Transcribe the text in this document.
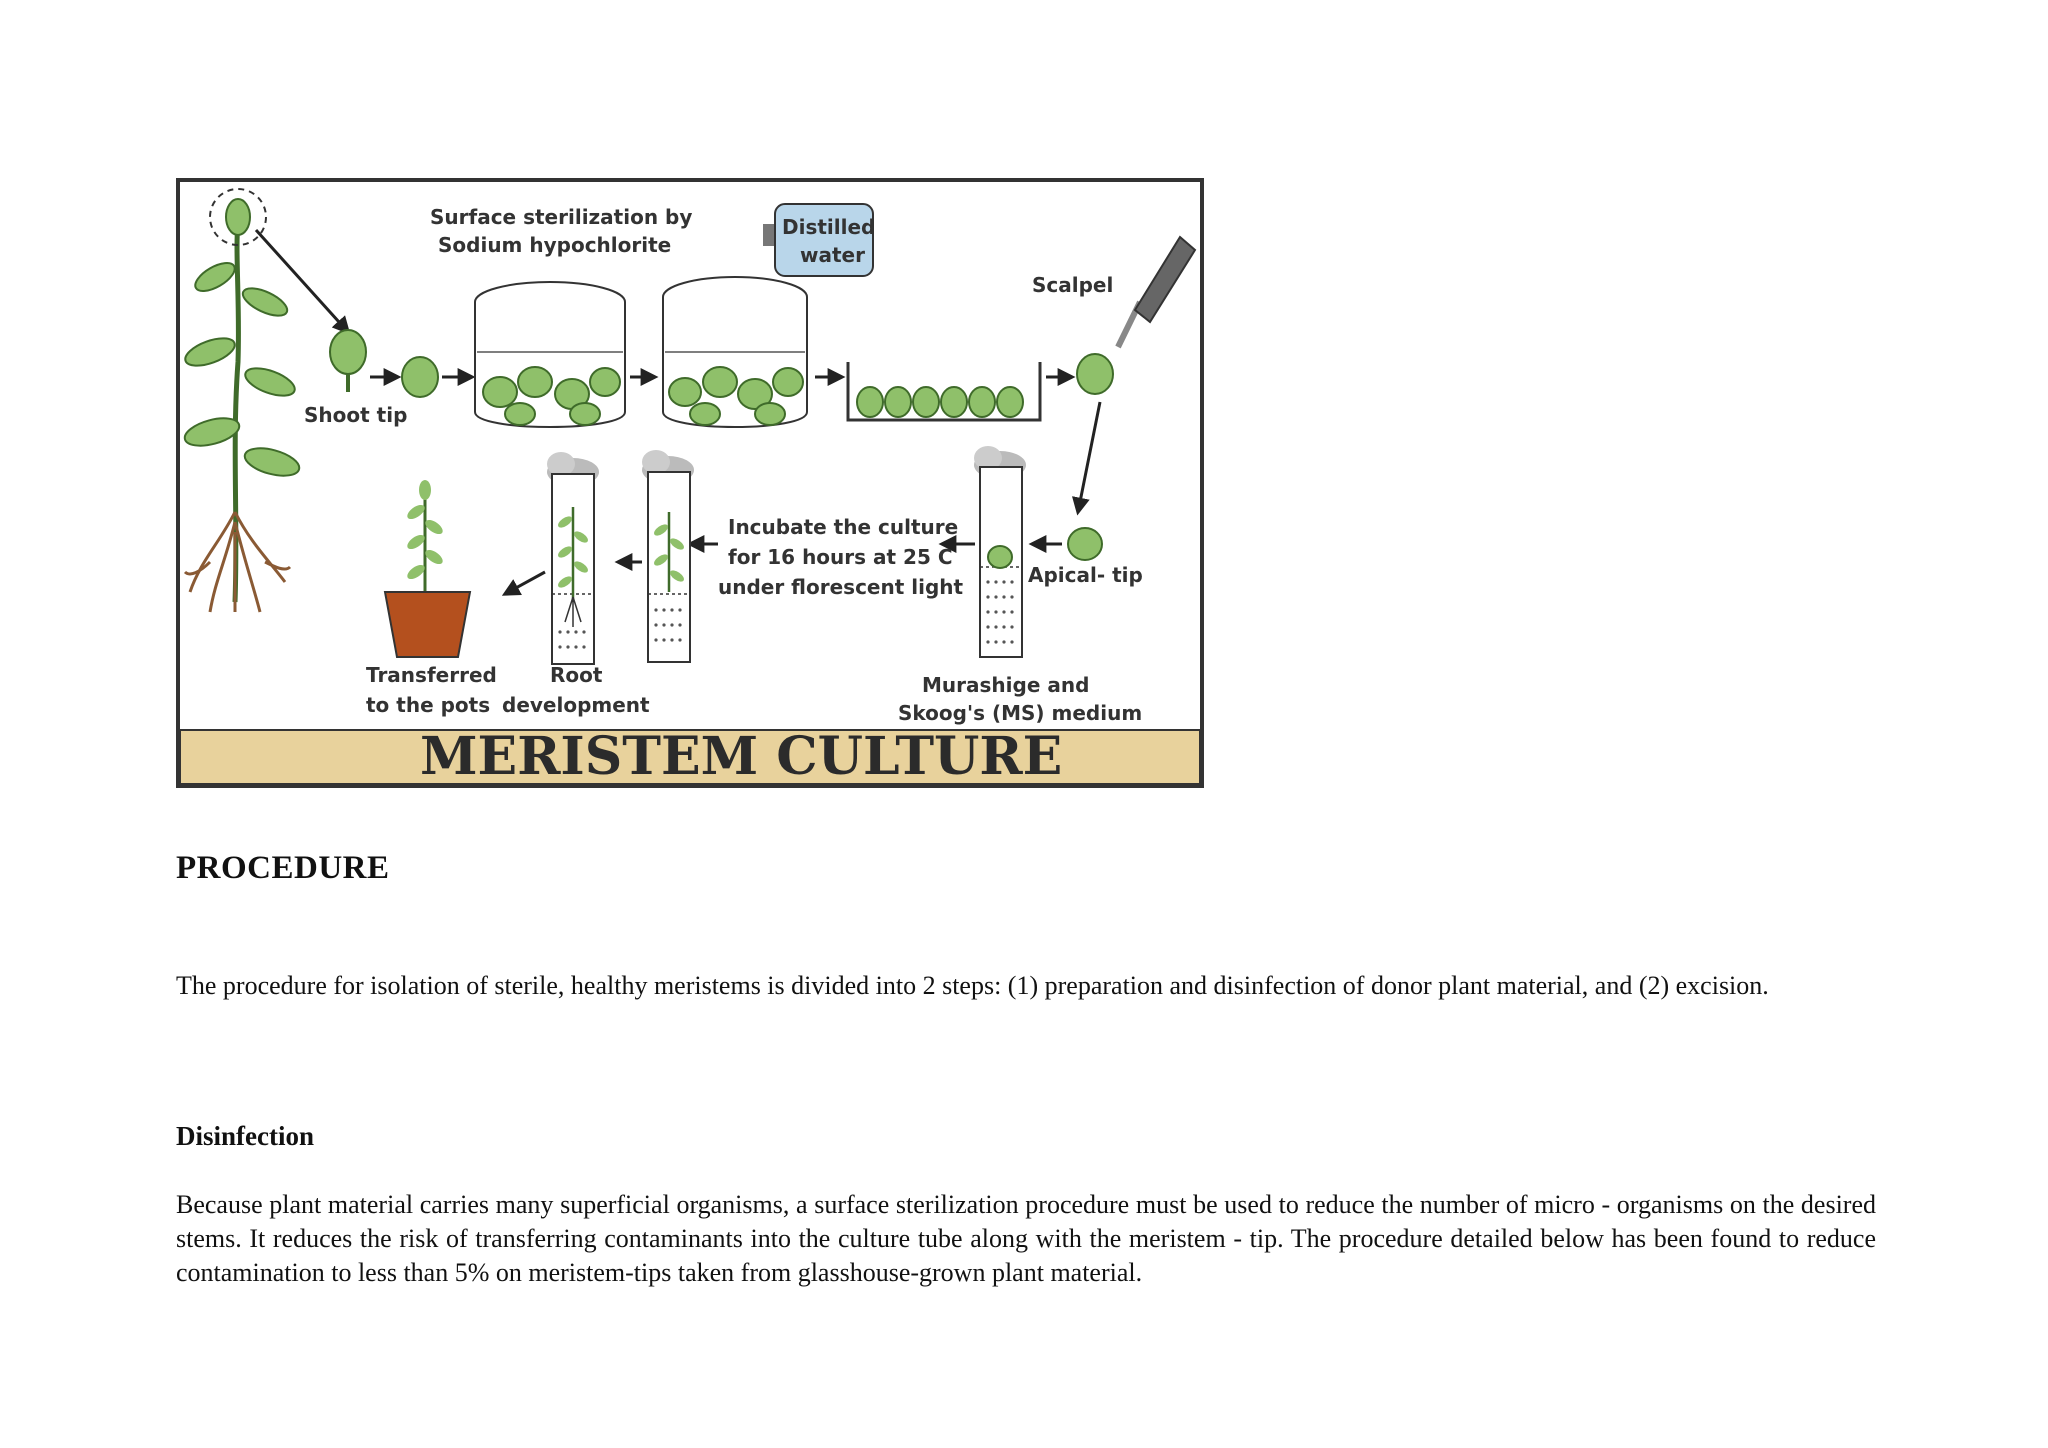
Shoot tip
Surface sterilization by
Sodium hypochlorite
Distilled
water
Scalpel
Apical- tip
Murashige and
Skoog's (MS) medium
Incubate the culture
for 16 hours at 25 C
under florescent light
Root
development
Transferred
to the pots
MERISTEM CULTURE
PROCEDURE

The procedure for isolation of sterile, healthy meristems is divided into 2 steps: (1) preparation and disinfection of donor plant material, and (2) excision.

Disinfection

Because plant material carries many superficial organisms, a surface sterilization procedure must be used to reduce the number of micro - organisms on the desired stems. It reduces the risk of transferring contaminants into the culture tube along with the meristem - tip. The procedure detailed below has been found to reduce contamination to less than 5% on meristem-tips taken from glasshouse-grown plant material.
